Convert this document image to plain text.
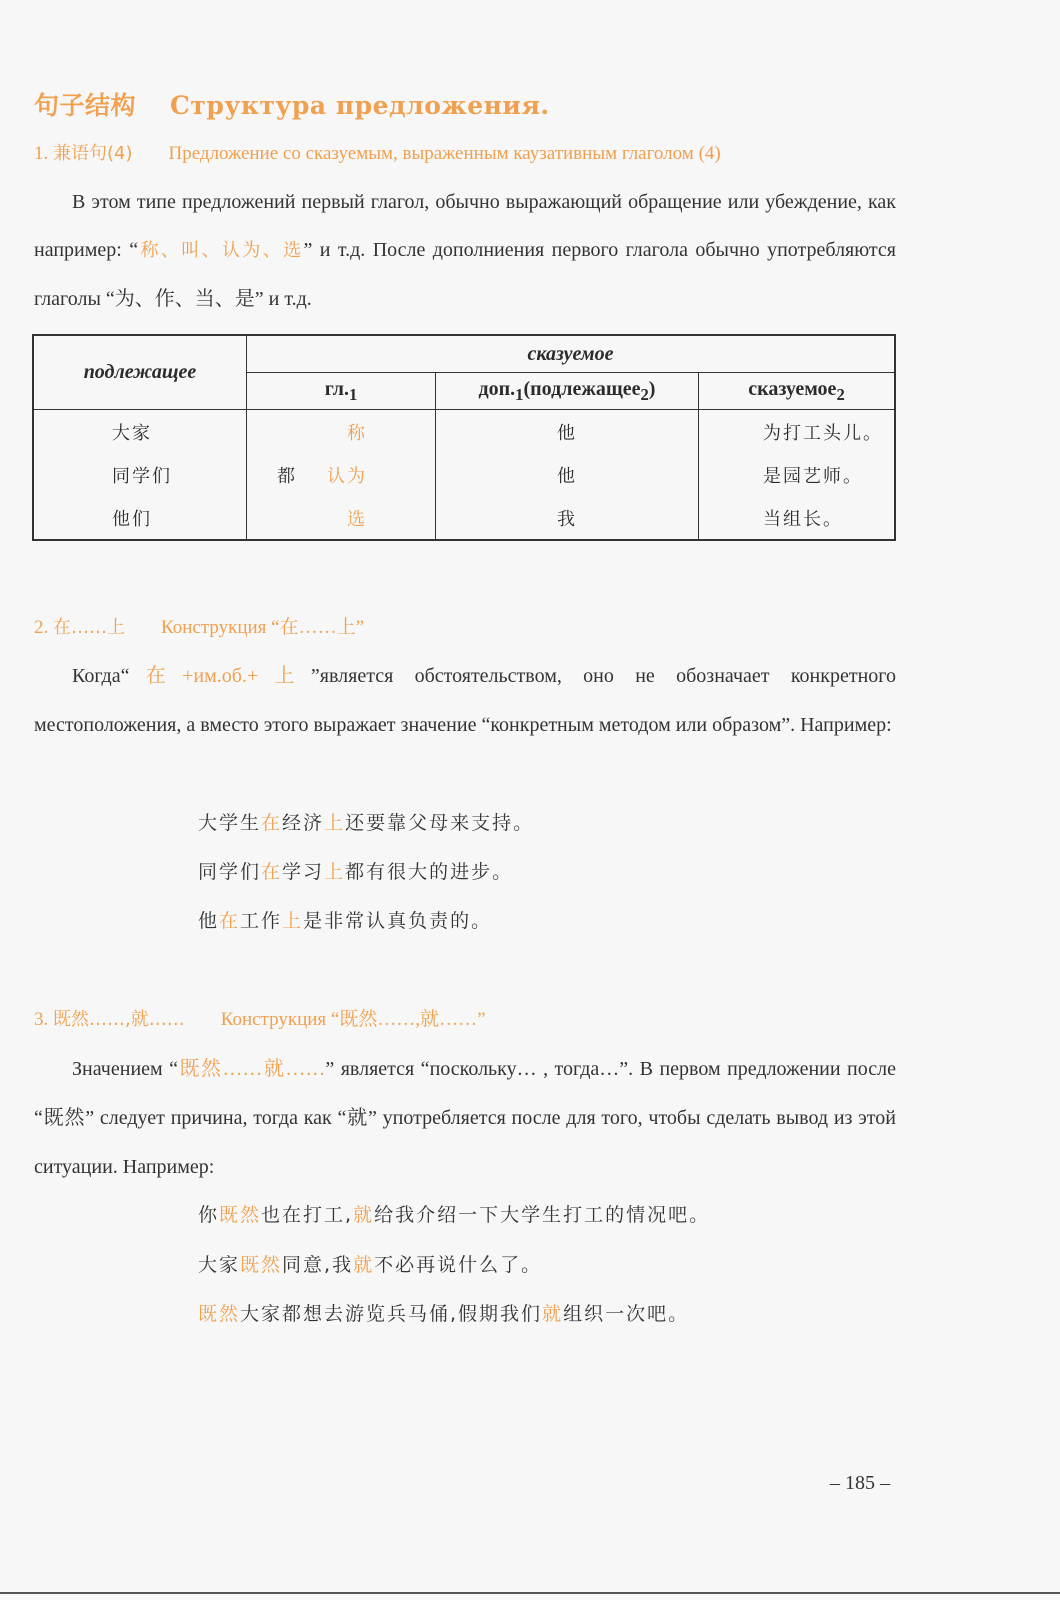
句子结构 Структура предложения.
1. 兼语句(4) Предложение со сказуемым, выраженным каузативным глаголом (4)
В этом типе предложений первый глагол, обычно выражающий обращение или убеждение, как например: “称、叫、认为、选” и т.д. После дополниения первого глагола обычно употребляются глаголы “为、作、当、是” и т.д.
подлежащее	сказуемое		
	$гл._1$	$доп._1(подлежащее_2)$	сказуемое$_2$
大家	称	他	为打工头儿。
同学们	都 认为	他	是园艺师。
他们	选	我	当组长。
2. 在……上 Конструкция “在……上”
Когда“在+им.об.+上”является обстоятельством, оно не обозначает конкретного местоположения, а вместо этого выражает значение “конкретным методом или образом”. Например:
大学生在经济上还要靠父母来支持。
同学们在学习上都有很大的进步。
他在工作上是非常认真负责的。
3. 既然……,就…… Конструкция “既然……,就……”
Значением “既然……就……” является “поскольку… , тогда…”. В первом предложении после “既然” следует причина, тогда как “就” употребляется после для того, чтобы сделать вывод из этой ситуации. Например:
你既然也在打工,就给我介绍一下大学生打工的情况吧。
大家既然同意,我就不必再说什么了。
既然大家都想去游览兵马俑,假期我们就组织一次吧。
– 185 –
